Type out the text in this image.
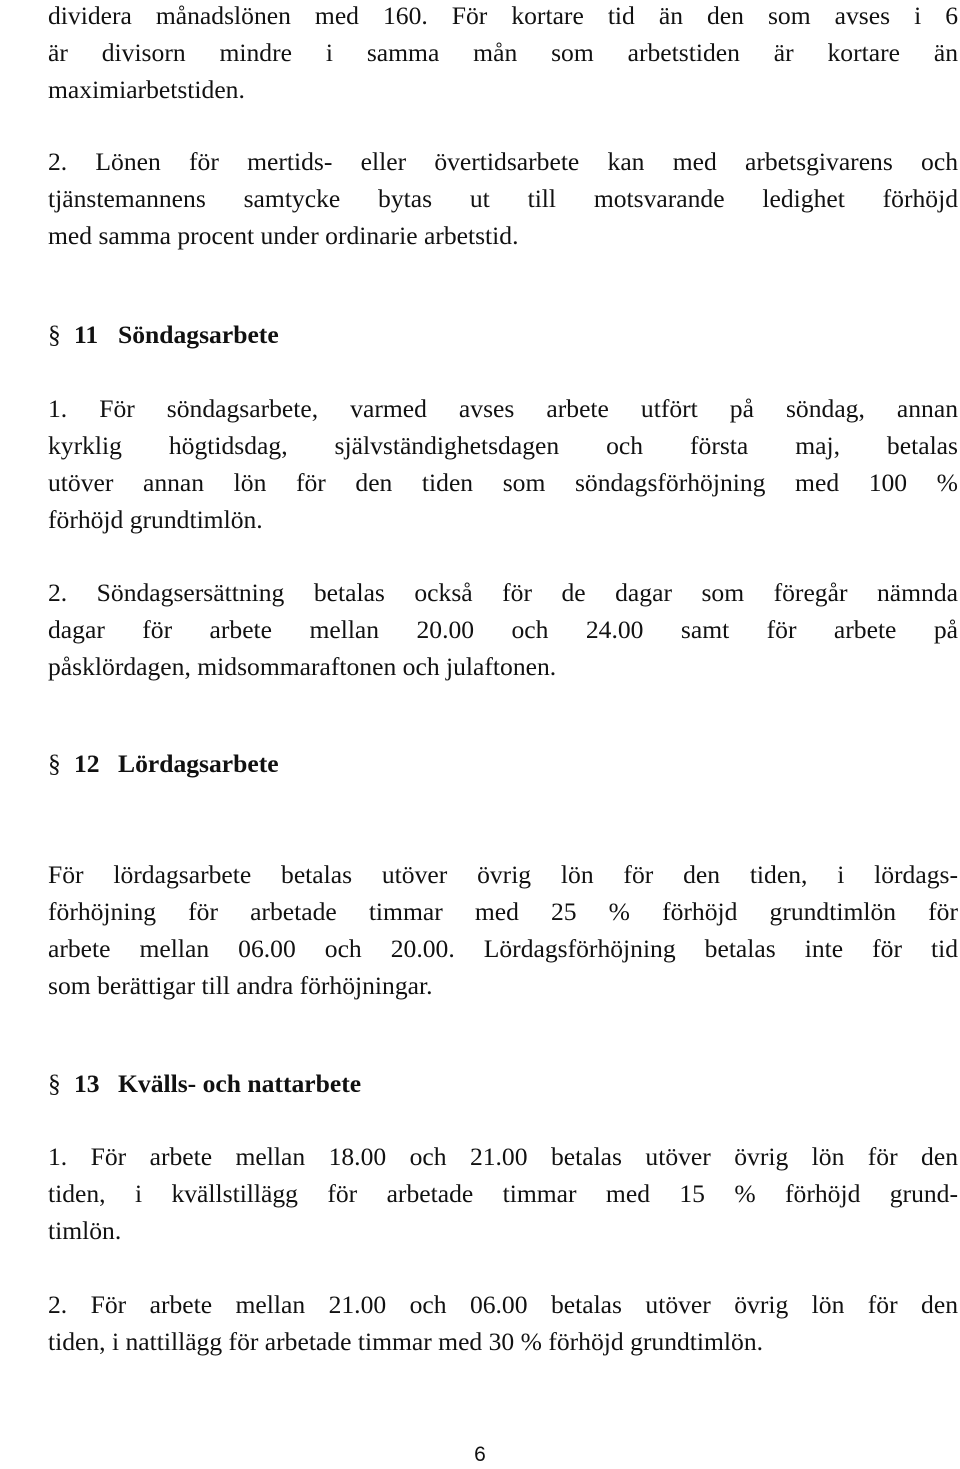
dividera månadslönen med 160. För kortare tid än den som avses i 6
är divisorn mindre i samma mån som arbetstiden är kortare än
maximiarbetstiden.
2. Lönen för mertids- eller övertidsarbete kan med arbetsgivarens och
tjänstemannens samtycke bytas ut till motsvarande ledighet förhöjd
med samma procent under ordinarie arbetstid.
§ 11 Söndagsarbete
1. För söndagsarbete, varmed avses arbete utfört på söndag, annan
kyrklig högtidsdag, självständighetsdagen och första maj, betalas
utöver annan lön för den tiden som söndagsförhöjning med 100 %
förhöjd grundtimlön.
2. Söndagsersättning betalas också för de dagar som föregår nämnda
dagar för arbete mellan 20.00 och 24.00 samt för arbete på
påsklördagen, midsommaraftonen och julaftonen.
§ 12 Lördagsarbete
För lördagsarbete betalas utöver övrig lön för den tiden, i lördags-
förhöjning för arbetade timmar med 25 % förhöjd grundtimlön för
arbete mellan 06.00 och 20.00. Lördagsförhöjning betalas inte för tid
som berättigar till andra förhöjningar.
§ 13 Kvälls- och nattarbete
1. För arbete mellan 18.00 och 21.00 betalas utöver övrig lön för den
tiden, i kvällstillägg för arbetade timmar med 15 % förhöjd grund-
timlön.
2. För arbete mellan 21.00 och 06.00 betalas utöver övrig lön för den
tiden, i nattillägg för arbetade timmar med 30 % förhöjd grundtimlön.
6
